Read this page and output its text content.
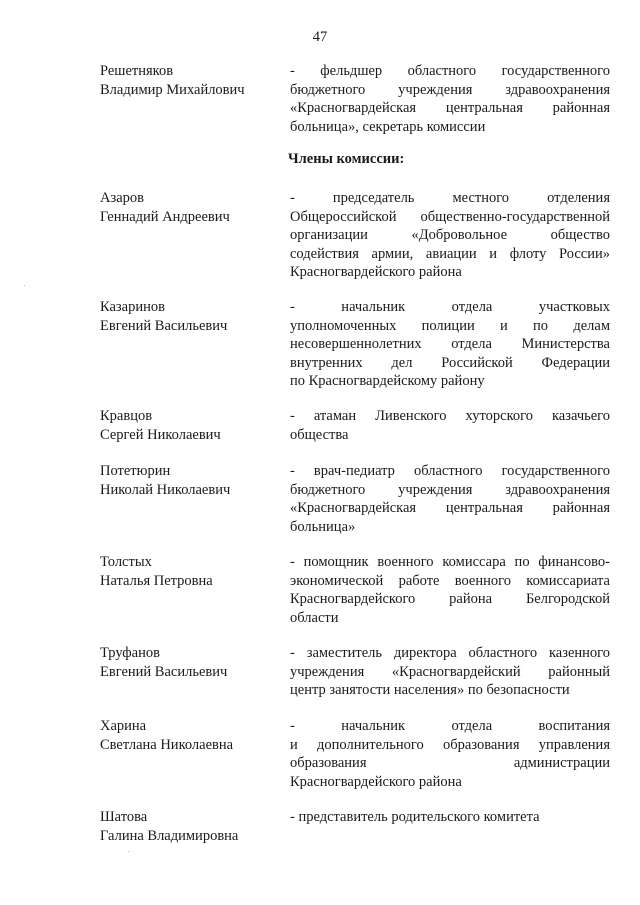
47
Решетняков
Владимир Михайлович
- фельдшер областного государственного
бюджетного учреждения здравоохранения
«Красногвардейская центральная районная
больница», секретарь комиссии
Члены комиссии:
Азаров
Геннадий Андреевич
- председатель местного отделения
Общероссийской общественно-государственной
организации «Добровольное общество
содействия армии, авиации и флоту России»
Красногвардейского района
Казаринов
Евгений Васильевич
- начальник отдела участковых
уполномоченных полиции и по делам
несовершеннолетних отдела Министерства
внутренних дел Российской Федерации
по Красногвардейскому району
Кравцов
Сергей Николаевич
- атаман Ливенского хуторского казачьего
общества
Потетюрин
Николай Николаевич
- врач-педиатр областного государственного
бюджетного учреждения здравоохранения
«Красногвардейская центральная районная
больница»
Толстых
Наталья Петровна
- помощник военного комиссара по финансово-
экономической работе военного комиссариата
Красногвардейского района Белгородской
области
Труфанов
Евгений Васильевич
- заместитель директора областного казенного
учреждения «Красногвардейский районный
центр занятости населения» по безопасности
Харина
Светлана Николаевна
- начальник отдела воспитания
и дополнительного образования управления
образования администрации
Красногвардейского района
Шатова
Галина Владимировна
- представитель родительского комитета
